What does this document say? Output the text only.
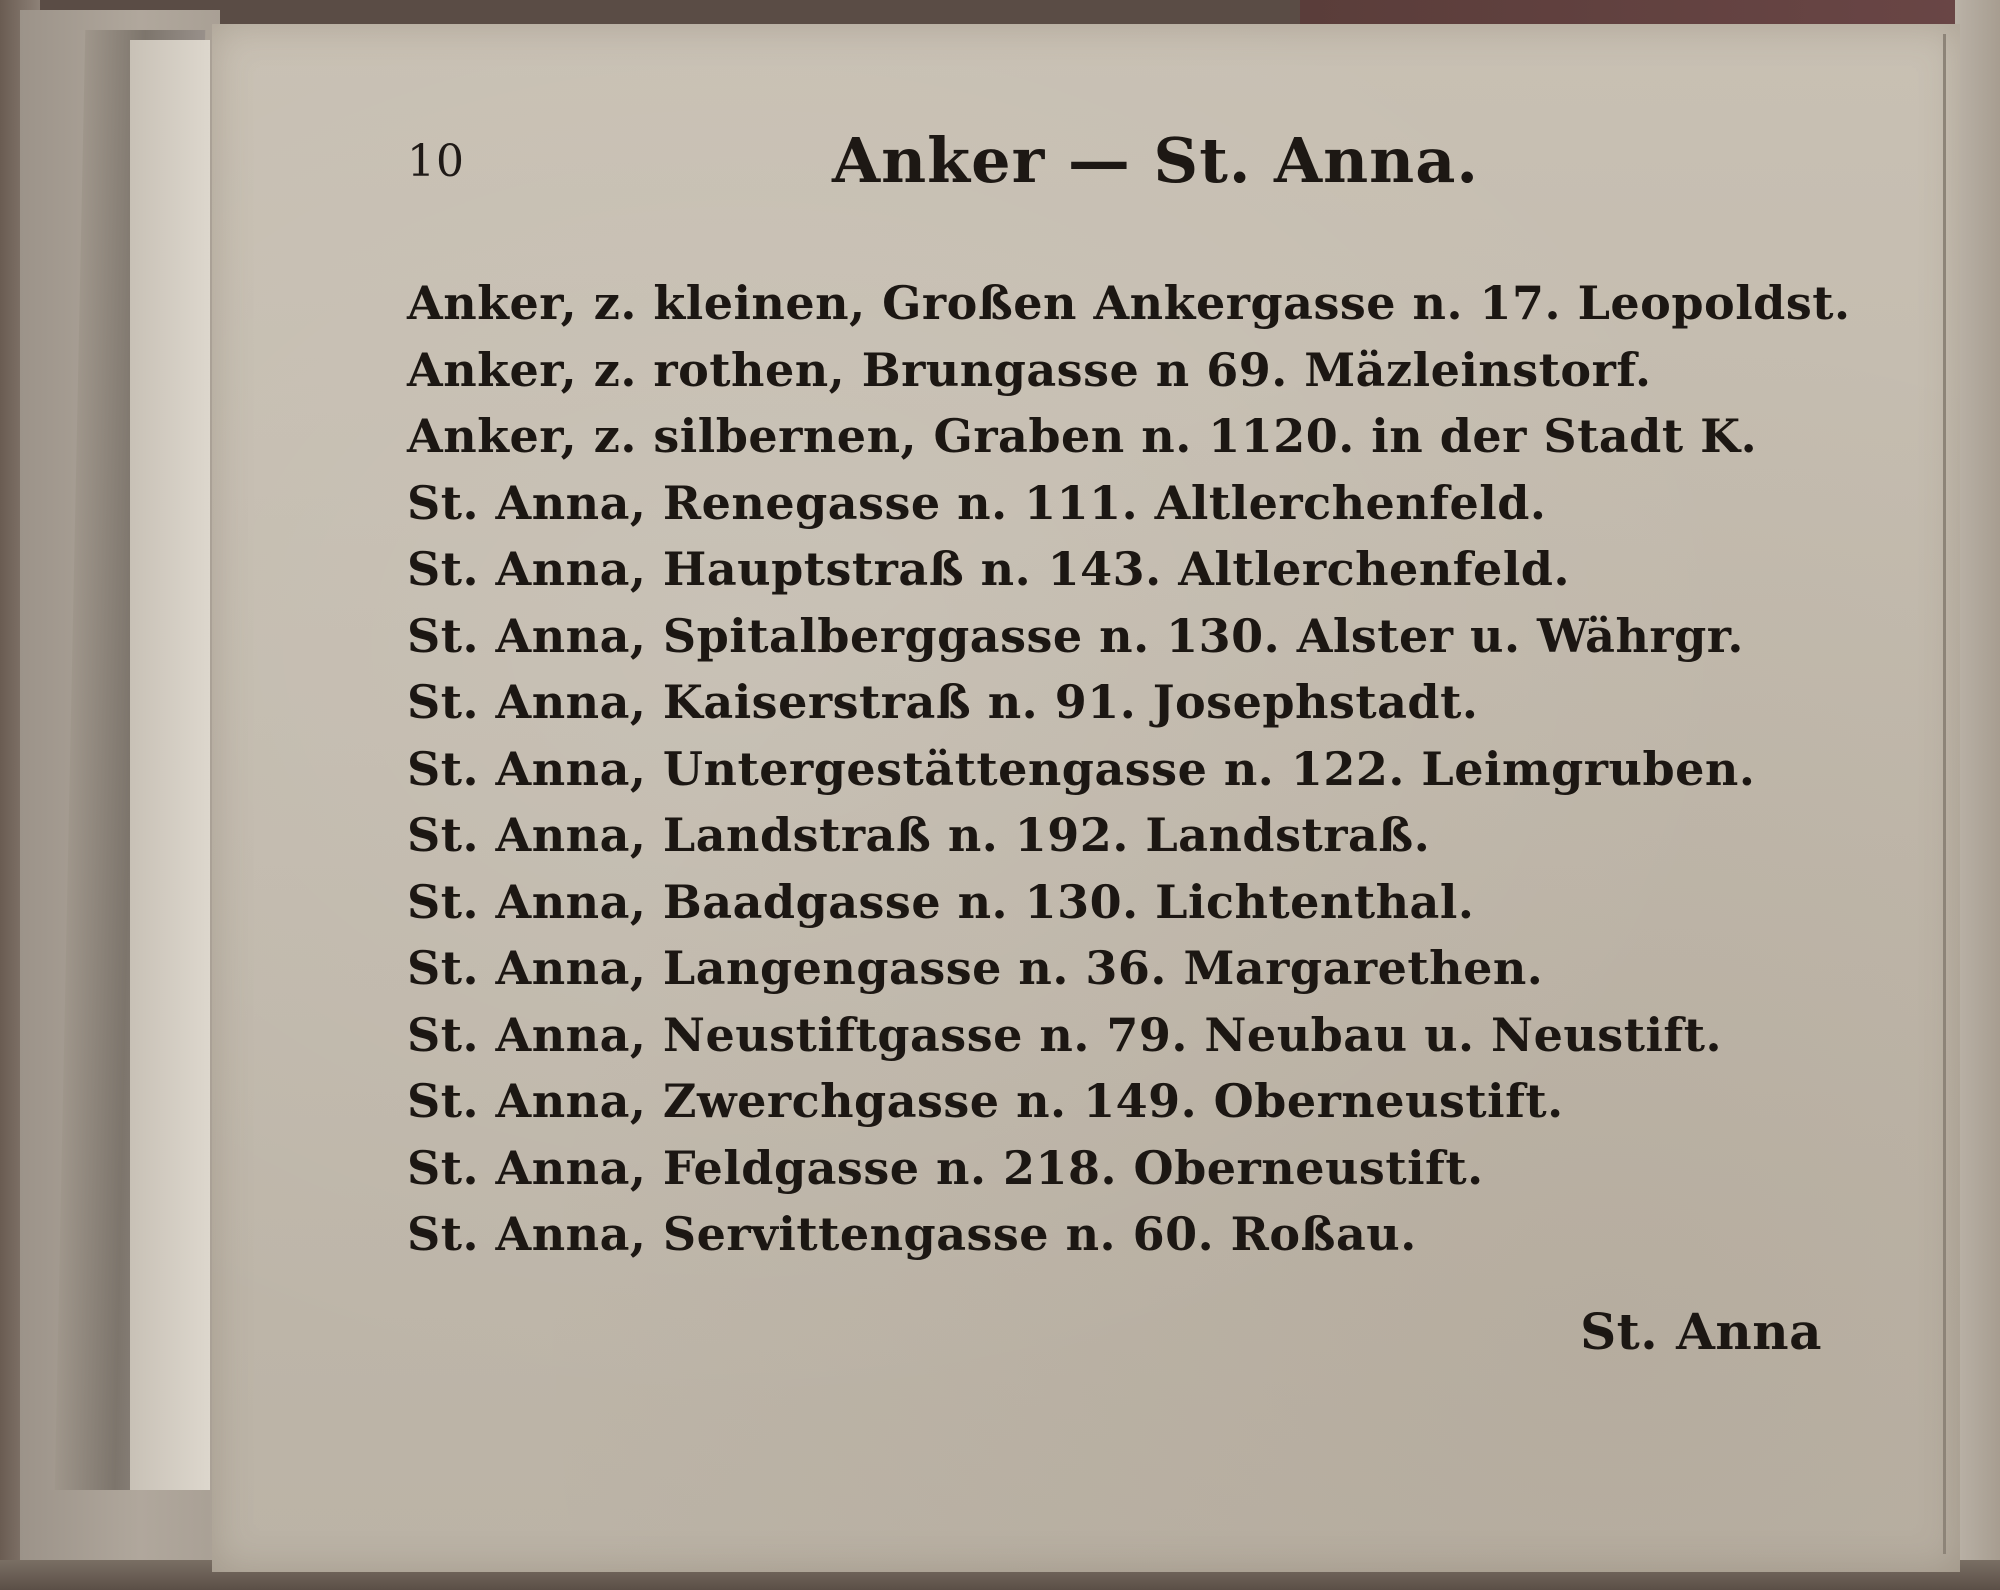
10	Anker — St. Anna.
Anker, z. kleinen, Großen Ankergasse n. 17. Leopoldst.
Anker, z. rothen, Brungasse n 69. Mäzleinstorf.
Anker, z. silbernen, Graben n. 1120. in der Stadt K.
St. Anna, Renegasse n. 111. Altlerchenfeld.
St. Anna, Hauptstraß n. 143. Altlerchenfeld.
St. Anna, Spitalberggasse n. 130. Alster u. Währgr.
St. Anna, Kaiserstraß n. 91. Josephstadt.
St. Anna, Untergestättengasse n. 122. Leimgruben.
St. Anna, Landstraß n. 192. Landstraß.
St. Anna, Baadgasse n. 130. Lichtenthal.
St. Anna, Langengasse n. 36. Margarethen.
St. Anna, Neustiftgasse n. 79. Neubau u. Neustift.
St. Anna, Zwerchgasse n. 149. Oberneustift.
St. Anna, Feldgasse n. 218. Oberneustift.
St. Anna, Servittengasse n. 60. Roßau.
St. Anna
